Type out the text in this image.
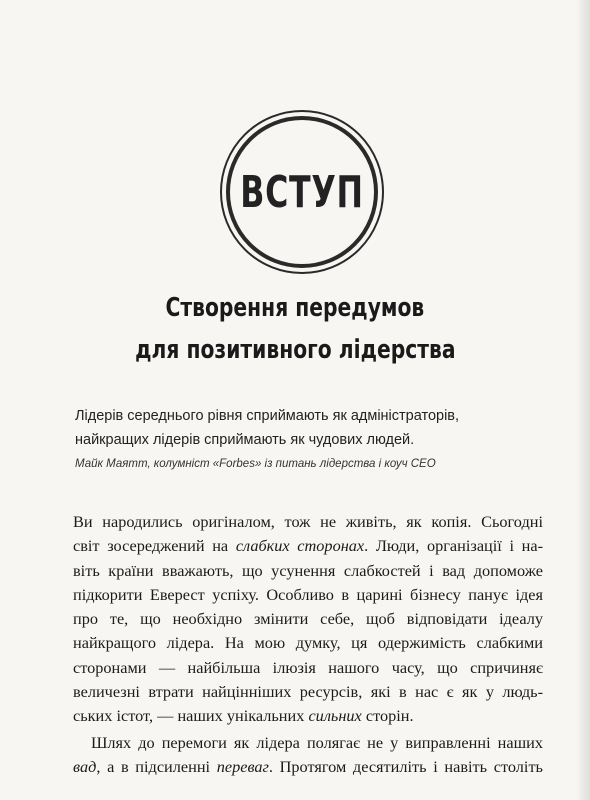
ВСТУП
Створення передумов
для позитивного лідерства
Лідерів середнього рівня сприймають як адміністраторів,
найкращих лідерів сприймають як чудових людей.
Майк Маятт, колумніст «Forbes» із питань лідерства і коуч CEO
Ви народились оригіналом, тож не живіть, як копія. Сьогодні
світ зосереджений на слабких сторонах. Люди, організації і на-
віть країни вважають, що усунення слабкостей і вад допоможе
підкорити Еверест успіху. Особливо в царині бізнесу панує ідея
про те, що необхідно змінити себе, щоб відповідати ідеалу
найкращого лідера. На мою думку, ця одержимість слабкими
сторонами — найбільша ілюзія нашого часу, що спричиняє
величезні втрати найцінніших ресурсів, які в нас є як у людь-
ських істот, — наших унікальних сильних сторін.
Шлях до перемоги як лідера полягає не у виправленні наших
вад, а в підсиленні переваг. Протягом десятиліть і навіть століть
